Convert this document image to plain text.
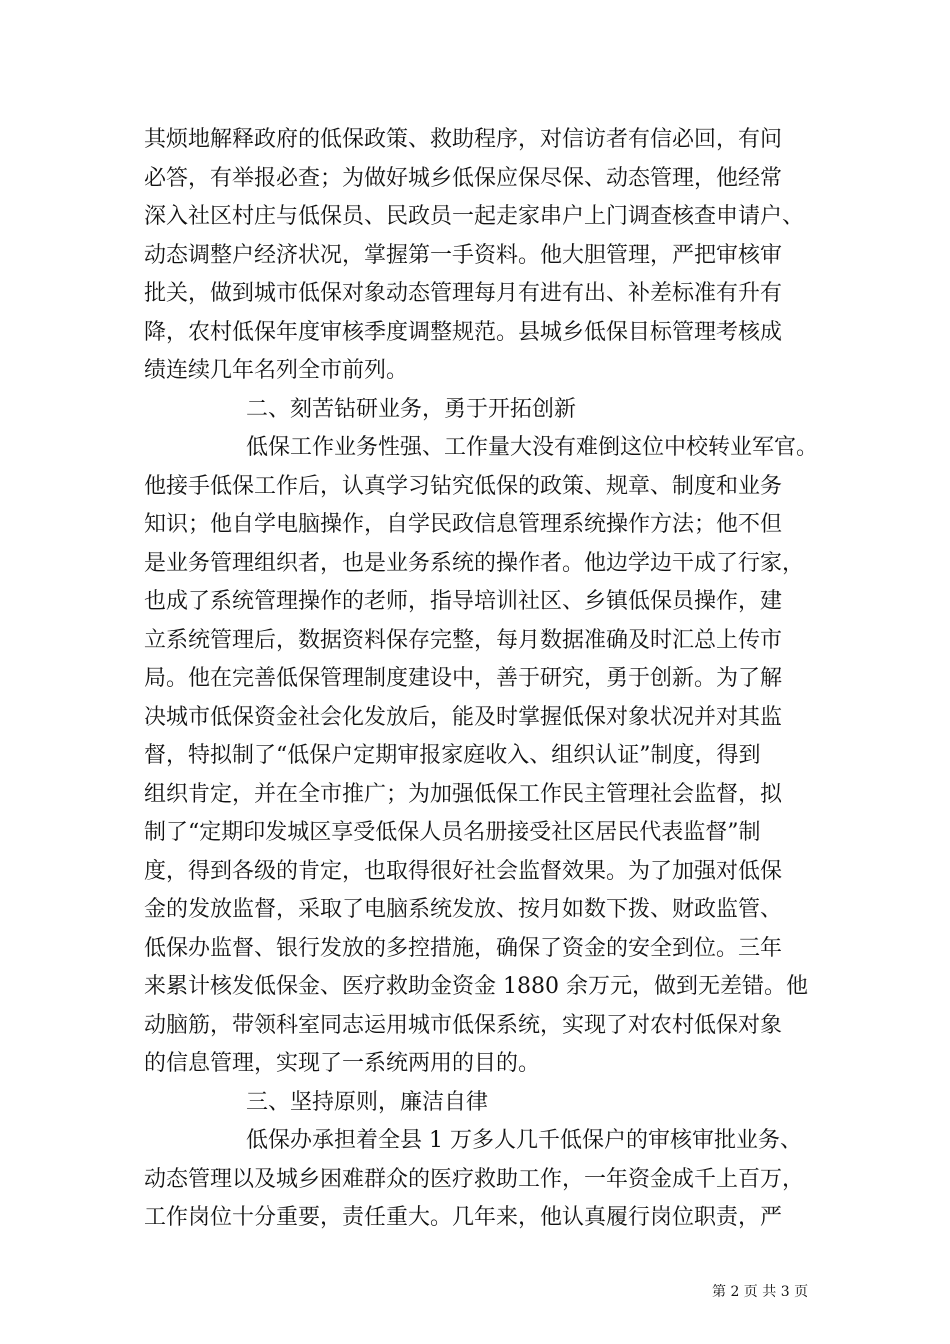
其烦地解释政府的低保政策、救助程序，对信访者有信必回，有问
必答，有举报必查；为做好城乡低保应保尽保、动态管理，他经常
深入社区村庄与低保员、民政员一起走家串户上门调查核查申请户、
动态调整户经济状况，掌握第一手资料。他大胆管理，严把审核审
批关，做到城市低保对象动态管理每月有进有出、补差标准有升有
降，农村低保年度审核季度调整规范。县城乡低保目标管理考核成
绩连续几年名列全市前列。
二、刻苦钻研业务，勇于开拓创新
低保工作业务性强、工作量大没有难倒这位中校转业军官。
他接手低保工作后，认真学习钻究低保的政策、规章、制度和业务
知识；他自学电脑操作，自学民政信息管理系统操作方法；他不但
是业务管理组织者，也是业务系统的操作者。他边学边干成了行家，
也成了系统管理操作的老师，指导培训社区、乡镇低保员操作，建
立系统管理后，数据资料保存完整，每月数据准确及时汇总上传市
局。他在完善低保管理制度建设中，善于研究，勇于创新。为了解
决城市低保资金社会化发放后，能及时掌握低保对象状况并对其监
督，特拟制了“低保户定期审报家庭收入、组织认证”制度，得到
组织肯定，并在全市推广；为加强低保工作民主管理社会监督，拟
制了“定期印发城区享受低保人员名册接受社区居民代表监督”制
度，得到各级的肯定，也取得很好社会监督效果。为了加强对低保
金的发放监督，采取了电脑系统发放、按月如数下拨、财政监管、
低保办监督、银行发放的多控措施，确保了资金的安全到位。三年
来累计核发低保金、医疗救助金资金 1880 余万元，做到无差错。他
动脑筋，带领科室同志运用城市低保系统，实现了对农村低保对象
的信息管理，实现了一系统两用的目的。
三、坚持原则，廉洁自律
低保办承担着全县 1 万多人几千低保户的审核审批业务、
动态管理以及城乡困难群众的医疗救助工作，一年资金成千上百万，
工作岗位十分重要，责任重大。几年来，他认真履行岗位职责，严
第 2 页 共 3 页
